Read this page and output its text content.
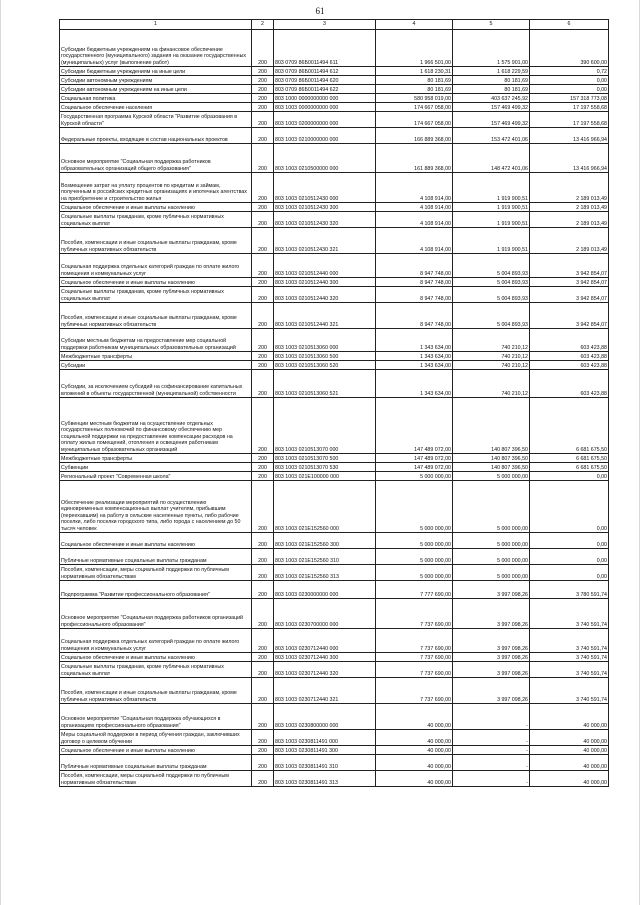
61
1	2	3	4	5	6
Субсидии бюджетным учреждениям на финансовое обеспечение государственного (муниципального) задания на оказание государственных (муниципальных) услуг (выполнение работ)	200	803 0709 86Б0011494 611	1 966 501,00	1 575 901,00	390 600,00
Субсидии бюджетным учреждениям на иные цели	200	803 0709 86Б0011494 612	1 618 230,31	1 618 229,59	0,72
Субсидии автономным учреждениям	200	803 0709 86Б0011494 620	80 181,69	80 181,69	0,00
Субсидии автономным учреждениям на иные цели	200	803 0709 86Б0011494 622	80 181,69	80 181,69	0,00
Социальная политика	200	803 1000 0000000000 000	580 958 019,00	403 637 245,92	157 318 773,08
Социальное обеспечение населения	200	803 1003 0000000000 000	174 667 058,00	157 469 499,32	17 197 558,68
Государственная программа Курской области "Развитие образования в Курской области"	200	803 1003 0200000000 000	174 667 058,00	157 469 499,32	17 197 558,68
Федеральные проекты, входящие в состав национальных проектов	200	803 1003 0210000000 000	166 889 368,00	153 472 401,06	13 416 966,94
Основное мероприятие "Социальная поддержка работников образовательных организаций общего образования"	200	803 1003 0210500000 000	161 889 368,00	148 472 401,06	13 416 966,94
Возмещение затрат на уплату процентов по кредитам и займам, полученным в российских кредитных организациях и ипотечных агентствах на приобретение и строительство жилья	200	803 1003 0210512430 000	4 108 914,00	1 919 900,51	2 189 013,49
Социальное обеспечение и иные выплаты населению	200	803 1003 0210512430 300	4 108 914,00	1 919 900,51	2 189 013,49
Социальные выплаты гражданам, кроме публичных нормативных социальных выплат	200	803 1003 0210512430 320	4 108 914,00	1 919 900,51	2 189 013,49
Пособия, компенсации и иные социальные выплаты гражданам, кроме публичных нормативных обязательств	200	803 1003 0210512430 321	4 108 914,00	1 919 900,51	2 189 013,49
Социальная поддержка отдельных категорий граждан по оплате жилого помещения и коммунальных услуг	200	803 1003 0210512440 000	8 947 748,00	5 004 893,93	3 942 854,07
Социальное обеспечение и иные выплаты населению	200	803 1003 0210512440 300	8 947 748,00	5 004 893,93	3 942 854,07
Социальные выплаты гражданам, кроме публичных нормативных социальных выплат	200	803 1003 0210512440 320	8 947 748,00	5 004 893,93	3 942 854,07
Пособия, компенсации и иные социальные выплаты гражданам, кроме публичных нормативных обязательств	200	803 1003 0210512440 321	8 947 748,00	5 004 893,93	3 942 854,07
Субсидии местным бюджетам на предоставление мер социальной поддержки работникам муниципальных образовательных организаций	200	803 1003 0210513060 000	1 343 634,00	740 210,12	603 423,88
Межбюджетные трансферты	200	803 1003 0210513060 500	1 343 634,00	740 210,12	603 423,88
Субсидии	200	803 1003 0210513060 520	1 343 634,00	740 210,12	603 423,88
Субсидии, за исключением субсидий на софинансирование капитальных вложений в объекты государственной (муниципальной) собственности	200	803 1003 0210513060 521	1 343 634,00	740 210,12	603 423,88
Субвенции местным бюджетам на осуществление отдельных государственных полномочий по финансовому обеспечению мер социальной поддержки на предоставление компенсации расходов на оплату жилых помещений, отопления и освещения работникам муниципальных образовательных организаций	200	803 1003 0210513070 000	147 489 072,00	140 807 396,50	6 681 675,50
Межбюджетные трансферты	200	803 1003 0210513070 500	147 489 072,00	140 807 396,50	6 681 675,50
Субвенции	200	803 1003 0210513070 530	147 489 072,00	140 807 396,50	6 681 675,50
Региональный проект "Современная школа"	200	803 1003 021E100000 000	5 000 000,00	5 000 000,00	0,00
Обеспечение реализации мероприятий по осуществлению единовременных компенсационных выплат учителям, прибывшим (переехавшим) на работу в сельские населенные пункты, либо рабочие поселки, либо поселки городского типа, либо города с населением до 50 тысяч человек	200	803 1003 021E152560 000	5 000 000,00	5 000 000,00	0,00
Социальное обеспечение и иные выплаты населению	200	803 1003 021E152560 300	5 000 000,00	5 000 000,00	0,00
Публичные нормативные социальные выплаты гражданам	200	803 1003 021E152560 310	5 000 000,00	5 000 000,00	0,00
Пособия, компенсации, меры социальной поддержки по публичным нормативным обязательствам	200	803 1003 021E152560 313	5 000 000,00	5 000 000,00	0,00
Подпрограмма "Развитие профессионального образования"	200	803 1003 0230000000 000	7 777 690,00	3 997 098,26	3 780 591,74
Основное мероприятие "Социальная поддержка работников организаций профессионального образования"	200	803 1003 0230700000 000	7 737 690,00	3 997 098,26	3 740 591,74
Социальная поддержка отдельных категорий граждан по оплате жилого помещения и коммунальных услуг	200	803 1003 0230712440 000	7 737 690,00	3 997 098,26	3 740 591,74
Социальное обеспечение и иные выплаты населению	200	803 1003 0230712440 300	7 737 690,00	3 997 098,26	3 740 591,74
Социальные выплаты гражданам, кроме публичных нормативных социальных выплат	200	803 1003 0230712440 320	7 737 690,00	3 997 098,26	3 740 591,74
Пособия, компенсации и иные социальные выплаты гражданам, кроме публичных нормативных обязательств	200	803 1003 0230712440 321	7 737 690,00	3 997 098,26	3 740 591,74
Основное мероприятие "Социальная поддержка обучающихся в организациях профессионального образования"	200	803 1003 0230800000 000	40 000,00	-	40 000,00
Меры социальной поддержки в период обучения граждан, заключивших договор о целевом обучении	200	803 1003 0230811491 000	40 000,00	-	40 000,00
Социальное обеспечение и иные выплаты населению	200	803 1003 0230811491 300	40 000,00	-	40 000,00
Публичные нормативные социальные выплаты гражданам	200	803 1003 0230811491 310	40 000,00	-	40 000,00
Пособия, компенсации, меры социальной поддержки по публичным нормативным обязательствам	200	803 1003 0230811491 313	40 000,00	-	40 000,00
